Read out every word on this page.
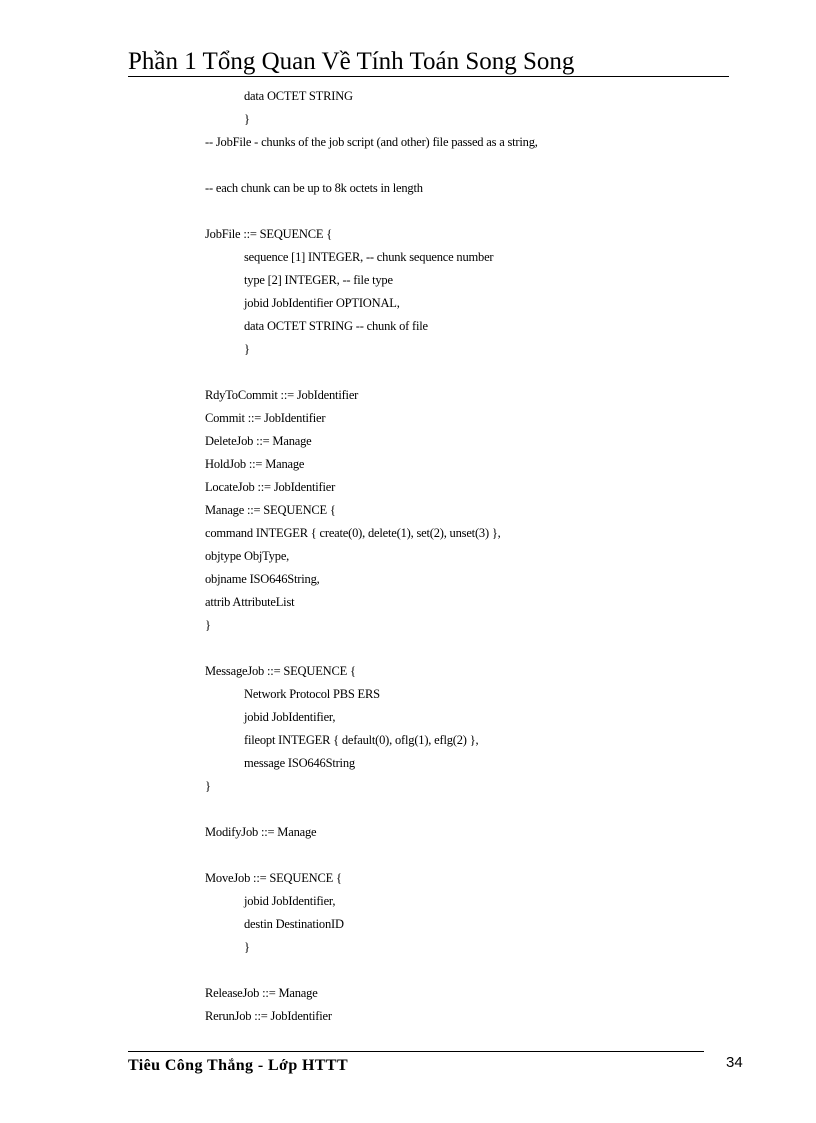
Phần 1 Tổng Quan Về Tính Toán Song Song
data OCTET STRING
}
-- JobFile - chunks of the job script (and other) file passed as a string,
-- each chunk can be up to 8k octets in length
JobFile ::= SEQUENCE {
sequence [1] INTEGER, -- chunk sequence number
type [2] INTEGER, -- file type
jobid JobIdentifier OPTIONAL,
data OCTET STRING -- chunk of file
}
RdyToCommit ::= JobIdentifier
Commit ::= JobIdentifier
DeleteJob ::= Manage
HoldJob ::= Manage
LocateJob ::= JobIdentifier
Manage ::= SEQUENCE {
command INTEGER { create(0), delete(1), set(2), unset(3) },
objtype ObjType,
objname ISO646String,
attrib AttributeList
}
MessageJob ::= SEQUENCE {
Network Protocol PBS ERS
jobid JobIdentifier,
fileopt INTEGER { default(0), oflg(1), eflg(2) },
message ISO646String
}
ModifyJob ::= Manage
MoveJob ::= SEQUENCE {
jobid JobIdentifier,
destin DestinationID
}
ReleaseJob ::= Manage
RerunJob ::= JobIdentifier
Tiêu Công Thắng - Lớp HTTT	34
